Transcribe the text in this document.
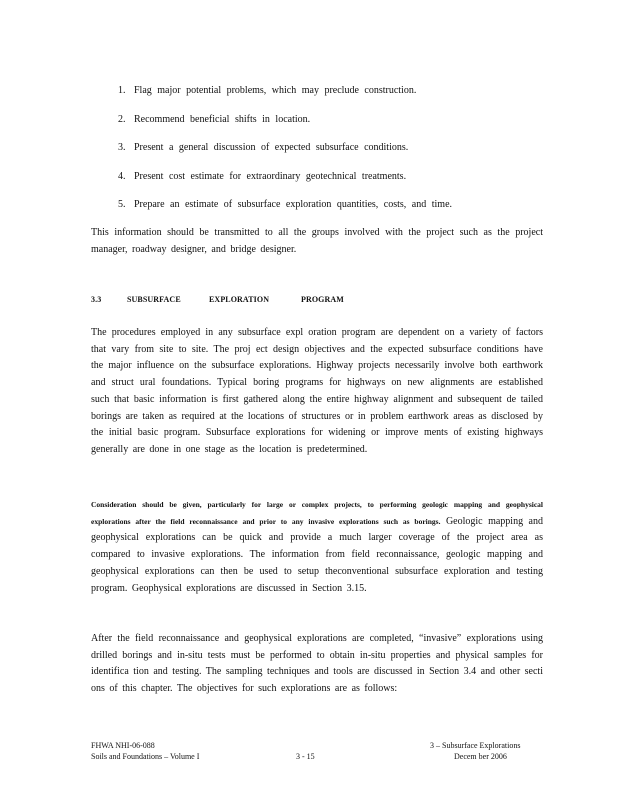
1. Flag major potential problems, which may preclude construction.
2. Recommend beneficial shifts in location.
3. Present a general discussion of expected subsurface conditions.
4. Present cost estimate for extraordinary geotechnical treatments.
5. Prepare an estimate of subsurface exploration quantities, costs, and time.

This information should be transmitted to all the groups involved with the project such as the project manager, roadway designer, and bridge designer.

3.3	SUBSURFACE	EXPLORATION	PROGRAM

The procedures employed in any subsurface expl oration program are dependent on a variety of factors that vary from site to site. The proj ect design objectives and the expected subsurface conditions have the major influence on the subsurface explorations. Highway projects necessarily involve both earthwork and struct ural foundations. Typical boring programs for highways on new alignments are established such that basic information is first gathered along the entire highway alignment and subsequent de tailed borings are taken as required at the locations of structures or in problem earthwork areas as disclosed by the initial basic program. Subsurface explorations for widening or improve ments of existing highways generally are done in one stage as the location is predetermined.

Consideration should be given, particularly for large or complex projects, to performing geologic mapping and geophysical explorations after the field reconnaissance and prior to any invasive explorations such as borings. Geologic mapping and geophysical explorations can be quick and provide a much larger coverage of the project area as compared to invasive explorations. The information from field reconnaissance, geologic mapping and geophysical explorations can then be used to setup theconventional subsurface exploration and testing program. Geophysical explorations are discussed in Section 3.15.

After the field reconnaissance and geophysical explorations are completed, “invasive” explorations using drilled borings and in-situ tests must be performed to obtain in-situ properties and physical samples for identifica tion and testing. The sampling techniques and tools are discussed in Section 3.4 and other secti ons of this chapter. The objectives for such explorations are as follows:

FHWA NHI-06-088
Soils and Foundations – Volume I	3 - 15
3 – Subsurface Explorations
Decem ber 2006
